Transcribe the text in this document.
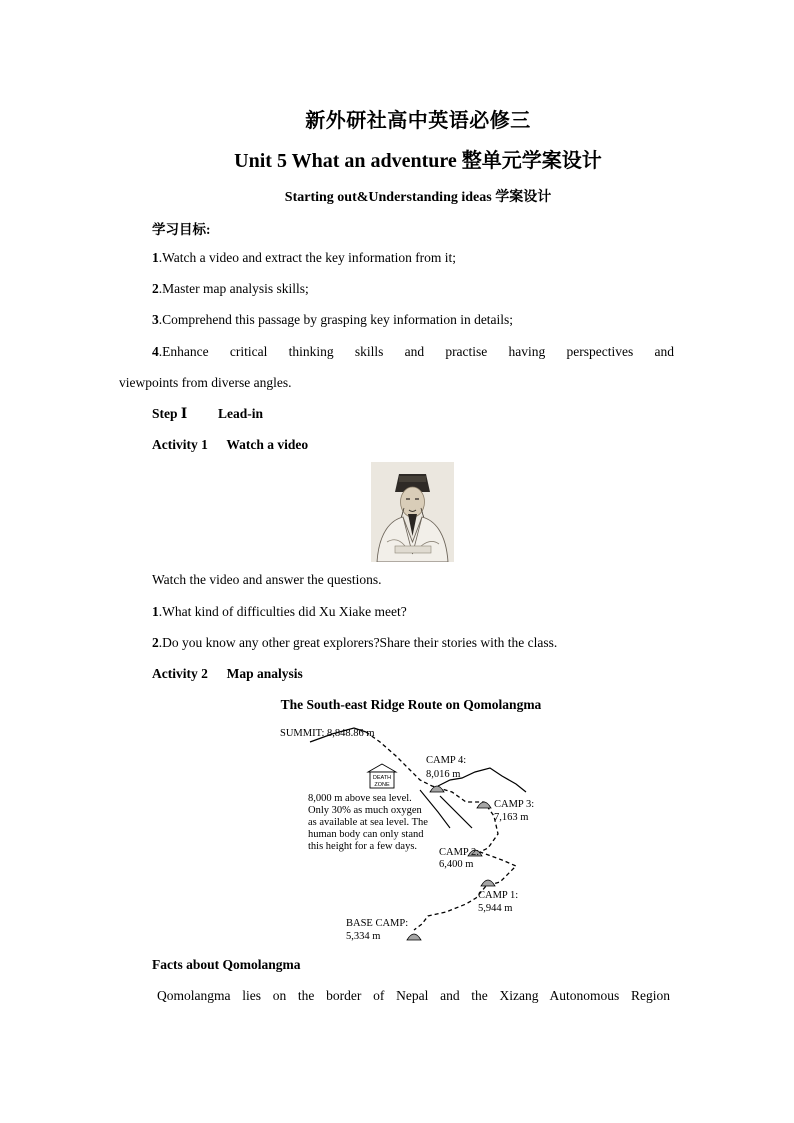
新外研社高中英语必修三
Unit 5 What an adventure 整单元学案设计
Starting out&Understanding ideas 学案设计
学习目标:
1.Watch a video and extract the key information from it;
2.Master map analysis skills;
3.Comprehend this passage by grasping key information in details;
4.Enhance critical thinking skills and practise having perspectives and
viewpoints from diverse angles.
Step Ⅰ Lead-in
Activity 1 Watch a video
Watch the video and answer the questions.
1.What kind of difficulties did Xu Xiake meet?
2.Do you know any other great explorers?Share their stories with the class.
Activity 2 Map analysis
The South-east Ridge Route on Qomolangma
DEATH
ZONE
SUMMIT: 8,848.86 m
CAMP 4:
8,016 m
CAMP 3:
7,163 m
CAMP 2:
6,400 m
CAMP 1:
5,944 m
BASE CAMP:
5,334 m
8,000 m above sea level.
Only 30% as much oxygen
as available at sea level. The
human body can only stand
this height for a few days.
Facts about Qomolangma
Qomolangma lies on the border of Nepal and the Xizang Autonomous Region
